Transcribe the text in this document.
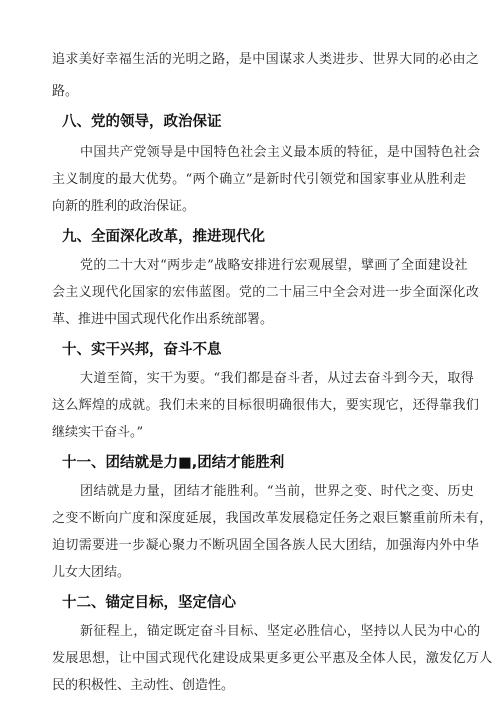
追求美好幸福生活的光明之路，是中国谋求人类进步、世界大同的必由之
路。
八、党的领导，政治保证
中国共产党领导是中国特色社会主义最本质的特征，是中国特色社会
主义制度的最大优势。“两个确立”是新时代引领党和国家事业从胜利走
向新的胜利的政治保证。
九、全面深化改革，推进现代化
党的二十大对“两步走”战略安排进行宏观展望，擘画了全面建设社
会主义现代化国家的宏伟蓝图。党的二十届三中全会对进一步全面深化改
革、推进中国式现代化作出系统部署。
十、实干兴邦，奋斗不息
大道至简，实干为要。“我们都是奋斗者，从过去奋斗到今天，取得
这么辉煌的成就。我们未来的目标很明确很伟大，要实现它，还得靠我们
继续实干奋斗。”
十一、团结就是力■,团结才能胜利
团结就是力量，团结才能胜利。“当前，世界之变、时代之变、历史
之变不断向广度和深度延展，我国改革发展稳定任务之艰巨繁重前所未有，
迫切需要进一步凝心聚力不断巩固全国各族人民大团结，加强海内外中华
儿女大团结。
十二、锚定目标，坚定信心
新征程上，锚定既定奋斗目标、坚定必胜信心，坚持以人民为中心的
发展思想，让中国式现代化建设成果更多更公平惠及全体人民，激发亿万人
民的积极性、主动性、创造性。
